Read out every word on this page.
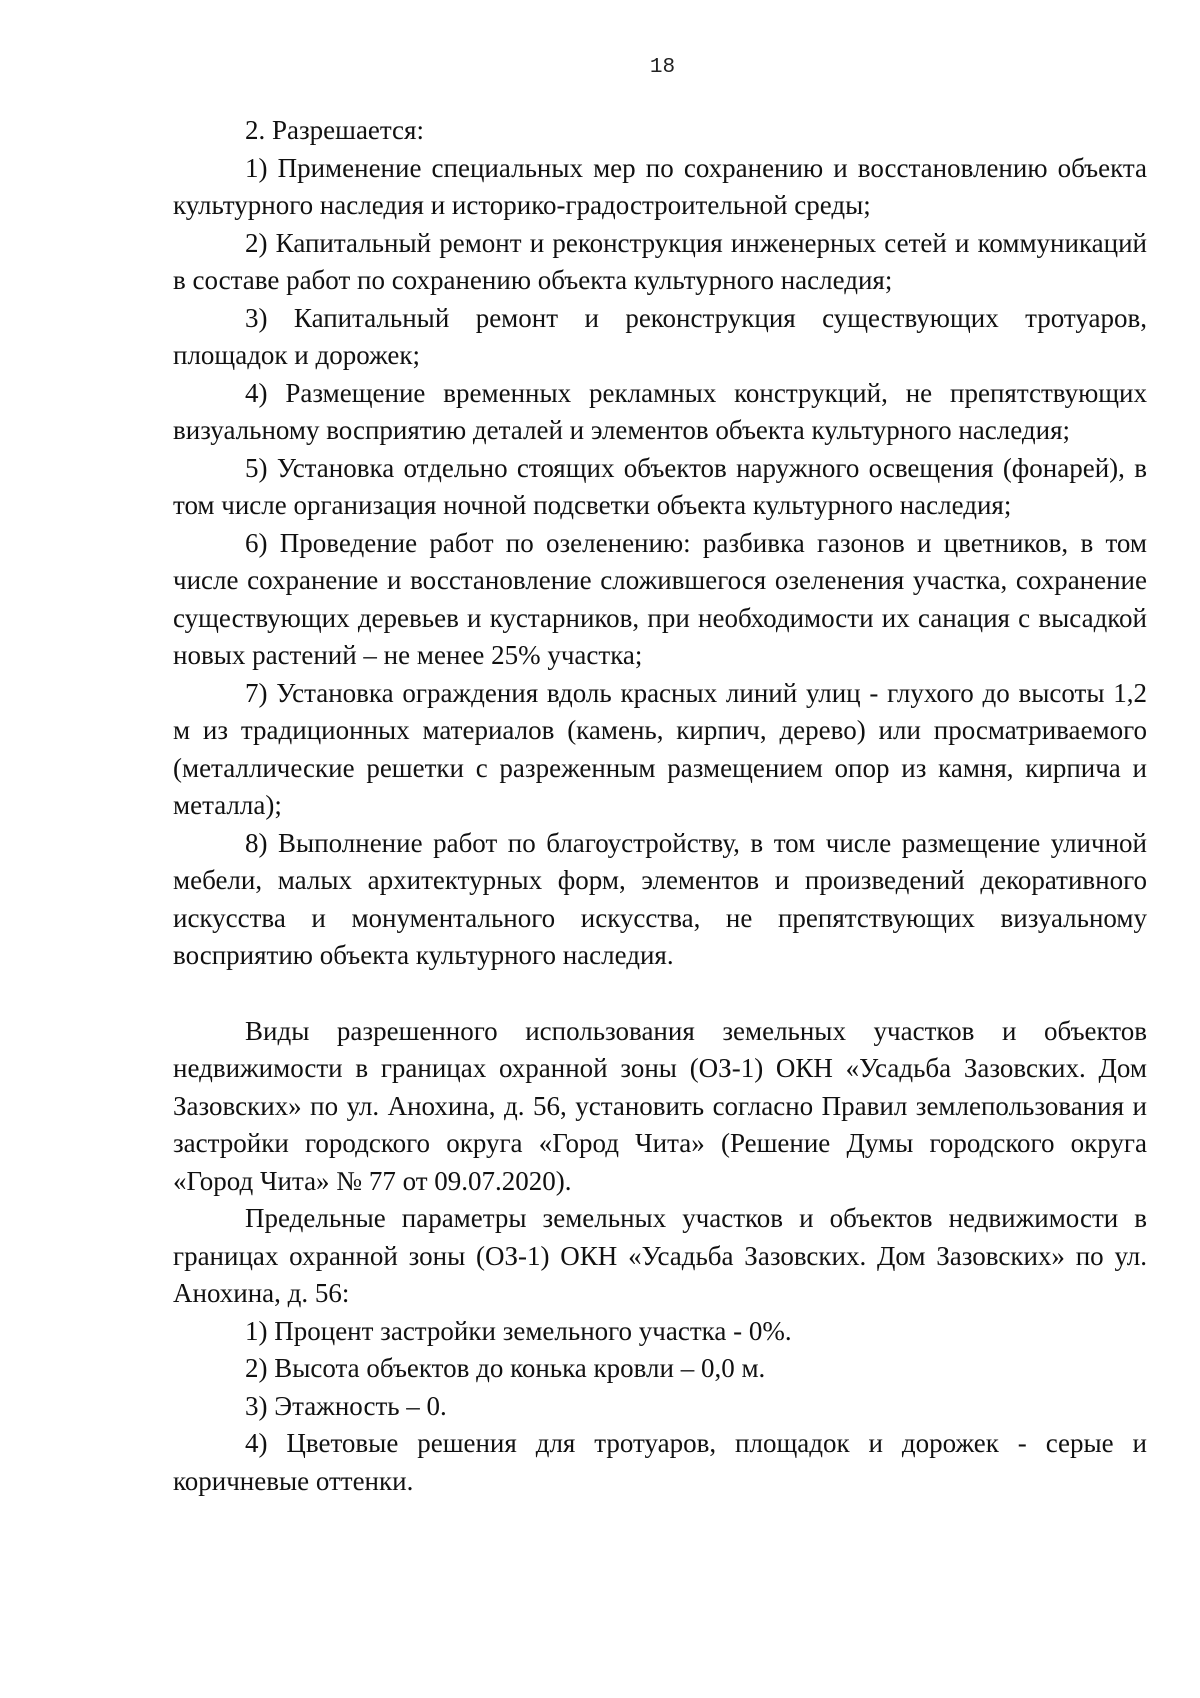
18

2. Разрешается:

1) Применение специальных мер по сохранению и восстановлению объекта культурного наследия и историко-градостроительной среды;

2) Капитальный ремонт и реконструкция инженерных сетей и коммуникаций в составе работ по сохранению объекта культурного наследия;

3) Капитальный ремонт и реконструкция существующих тротуаров, площадок и дорожек;

4) Размещение временных рекламных конструкций, не препятствующих визуальному восприятию деталей и элементов объекта культурного наследия;

5) Установка отдельно стоящих объектов наружного освещения (фонарей), в том числе организация ночной подсветки объекта культурного наследия;

6) Проведение работ по озеленению: разбивка газонов и цветников, в том числе сохранение и восстановление сложившегося озеленения участка, сохранение существующих деревьев и кустарников, при необходимости их санация с высадкой новых растений – не менее 25% участка;

7) Установка ограждения вдоль красных линий улиц - глухого до высоты 1,2 м из традиционных материалов (камень, кирпич, дерево) или просматриваемого (металлические решетки с разреженным размещением опор из камня, кирпича и металла);

8) Выполнение работ по благоустройству, в том числе размещение уличной мебели, малых архитектурных форм, элементов и произведений декоративного искусства и монументального искусства, не препятствующих визуальному восприятию объекта культурного наследия.

Виды разрешенного использования земельных участков и объектов недвижимости в границах охранной зоны (ОЗ-1) ОКН «Усадьба Зазовских. Дом Зазовских» по ул. Анохина, д. 56, установить согласно Правил землепользования и застройки городского округа «Город Чита» (Решение Думы городского округа «Город Чита» № 77 от 09.07.2020).

Предельные параметры земельных участков и объектов недвижимости в границах охранной зоны (ОЗ-1) ОКН «Усадьба Зазовских. Дом Зазовских» по ул. Анохина, д. 56:

1) Процент застройки земельного участка - 0%.

2) Высота объектов до конька кровли – 0,0 м.

3) Этажность – 0.

4) Цветовые решения для тротуаров, площадок и дорожек - серые и коричневые оттенки.
